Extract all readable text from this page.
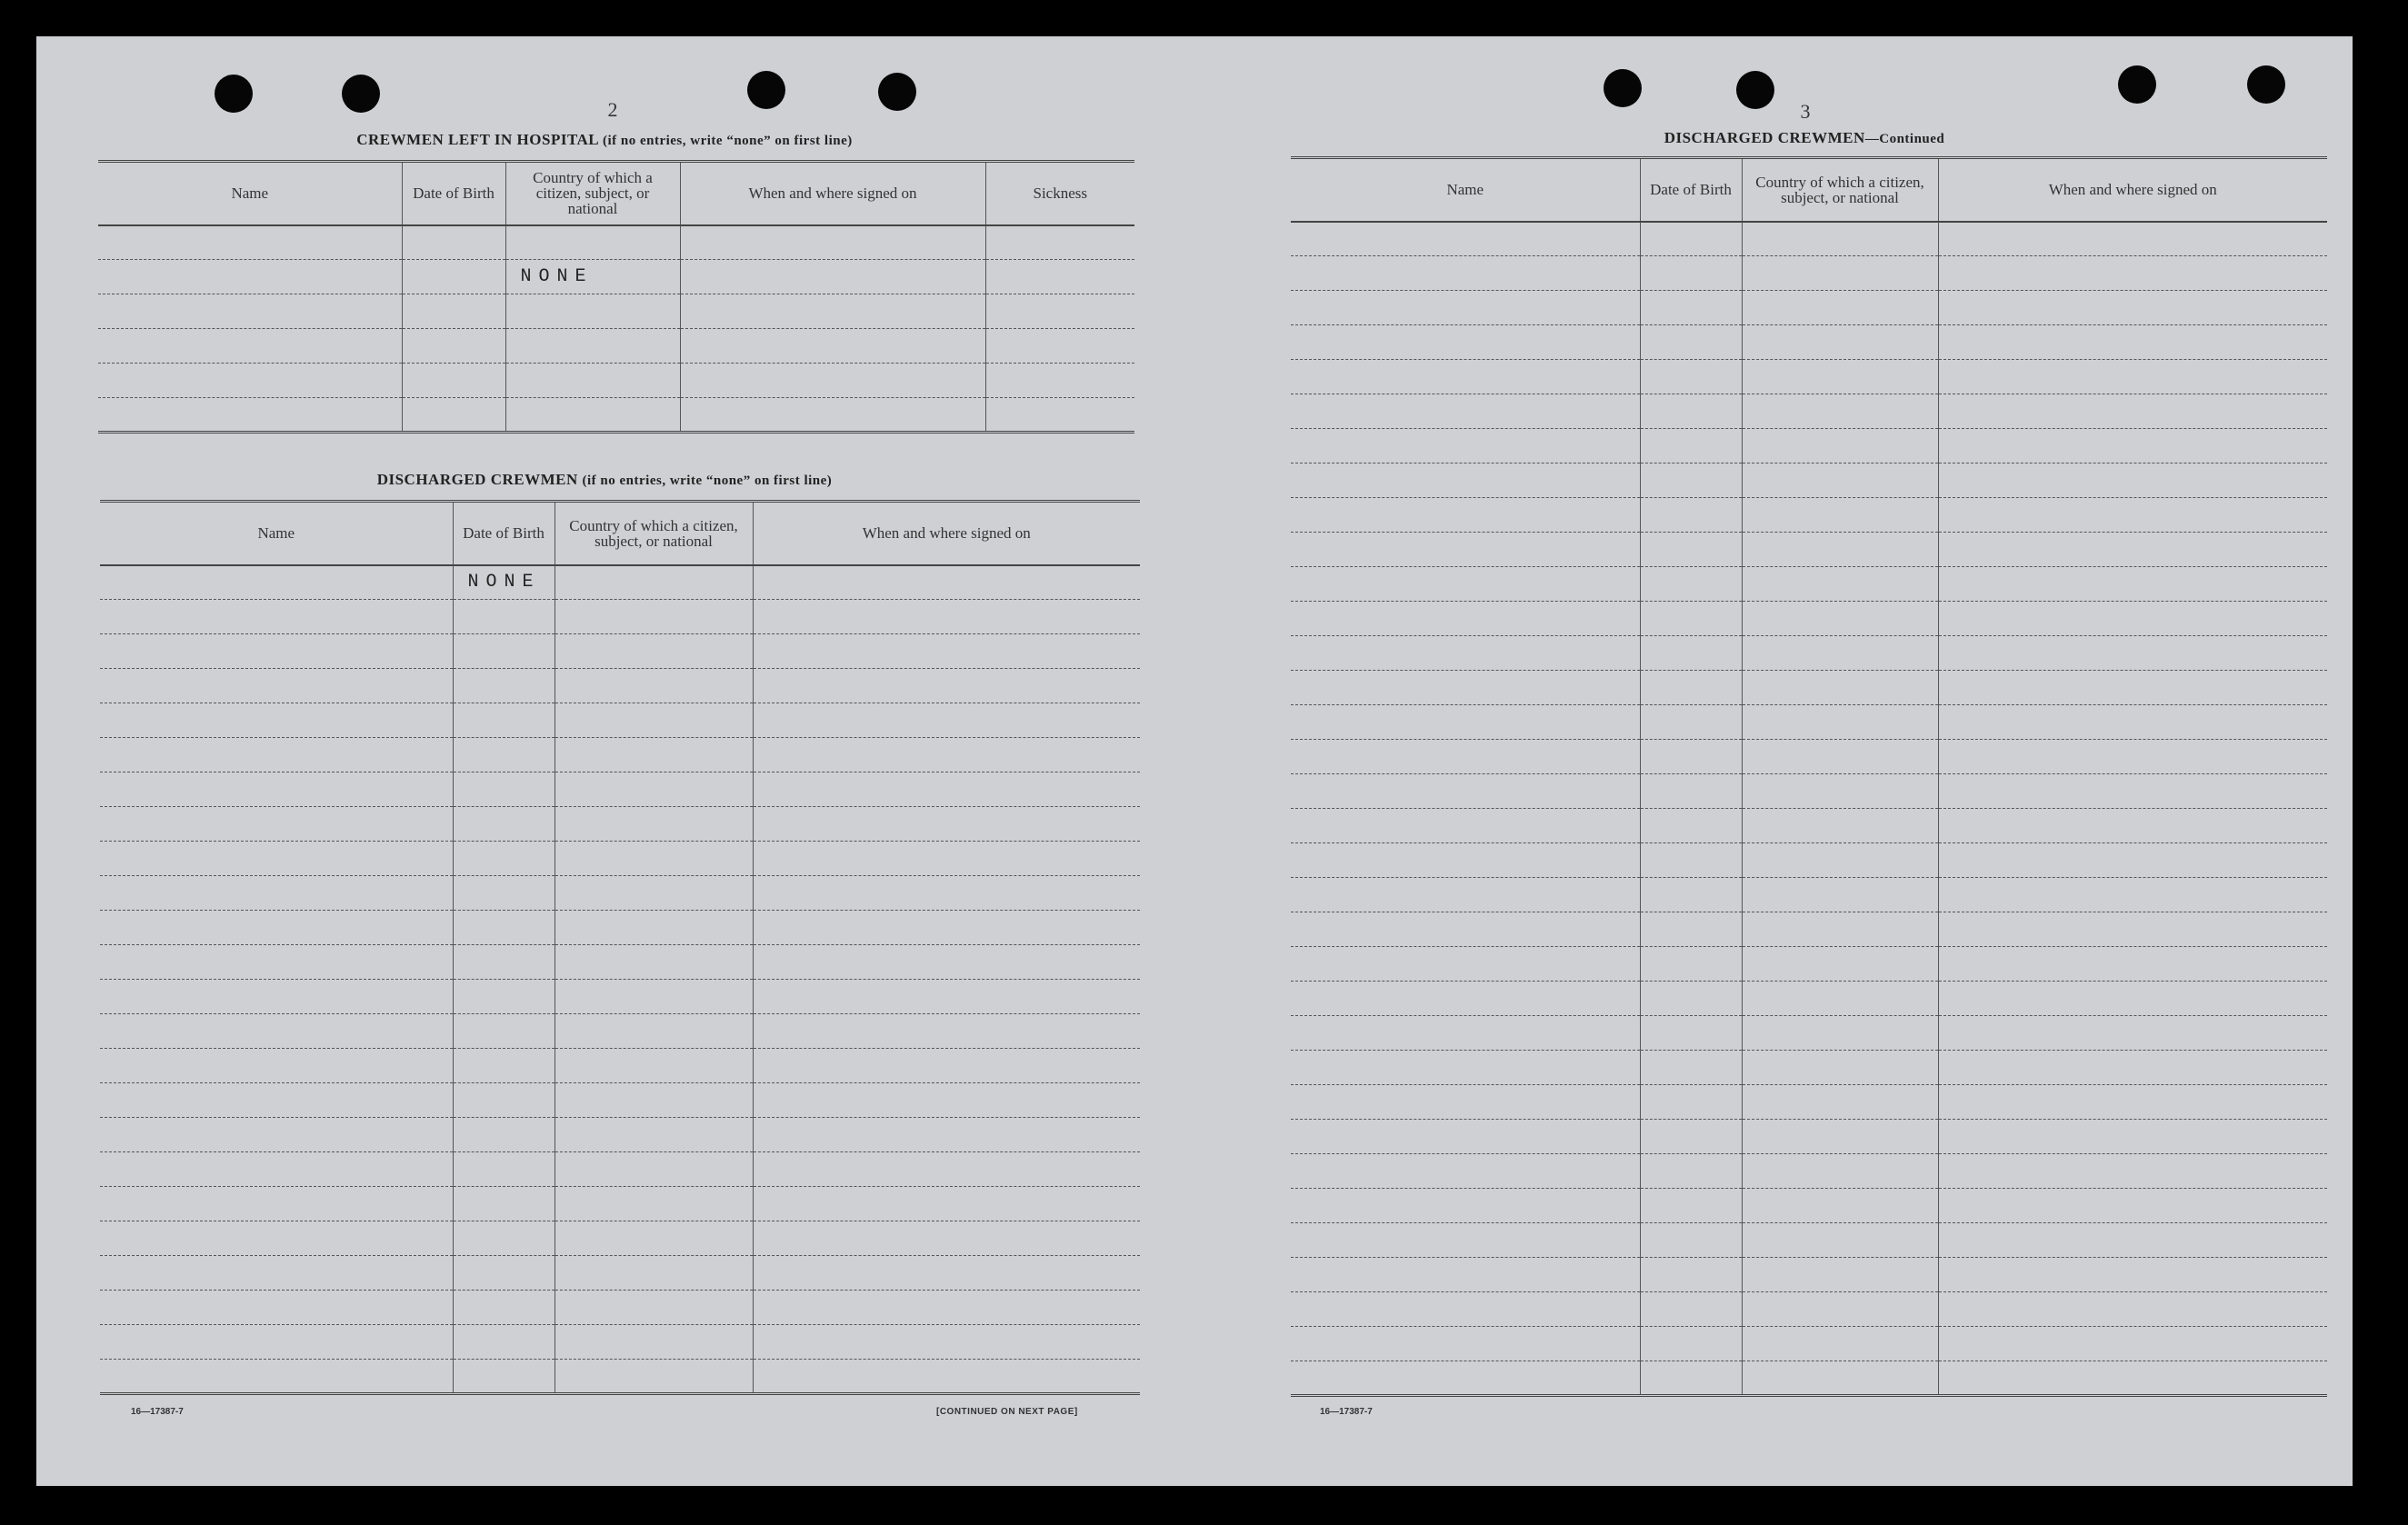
2
CREWMEN LEFT IN HOSPITAL (if no entries, write “none” on first line)
Name	Date of Birth	Country of which a citizen, subject, or national	When and where signed on	Sickness

		NONE		

DISCHARGED CREWMEN (if no entries, write “none” on first line)
Name	Date of Birth	Country of which a citizen, subject, or national	When and where signed on
	NONE		

16—17387-7	[CONTINUED ON NEXT PAGE]
3
DISCHARGED CREWMEN—Continued
Name	Date of Birth	Country of which a citizen, subject, or national	When and where signed on

16—17387-7
